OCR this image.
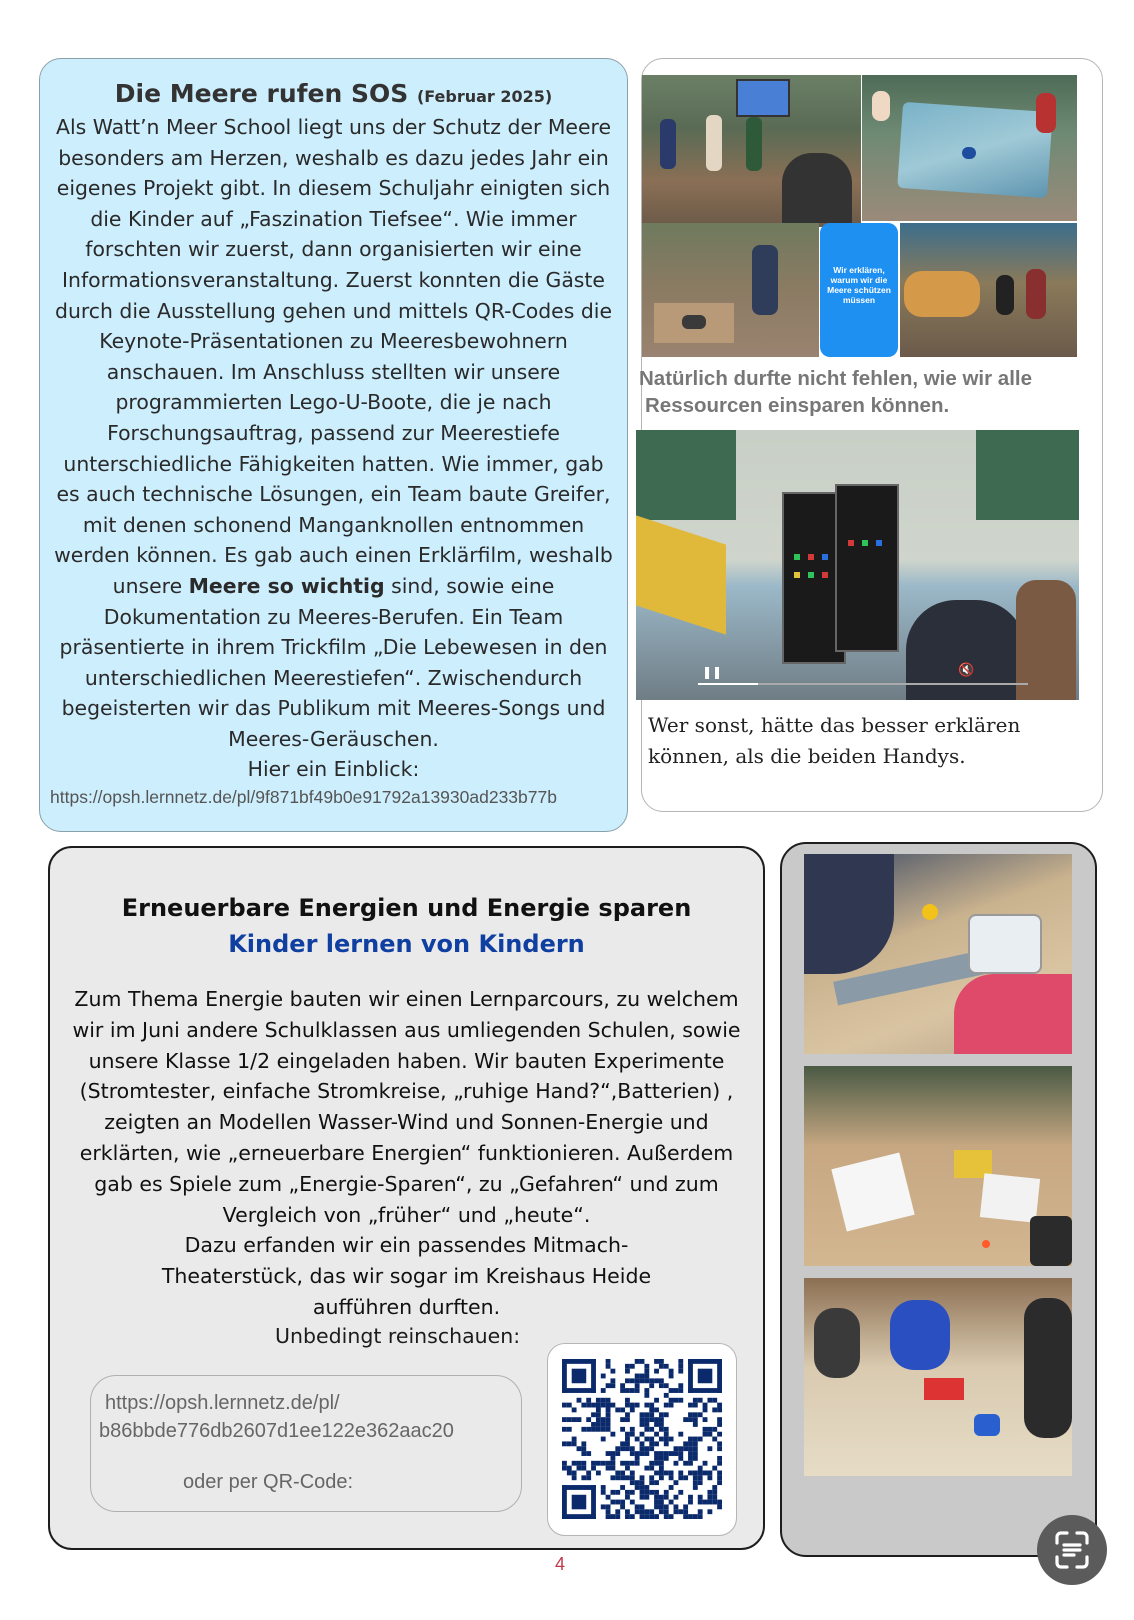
Die Meere rufen SOS (Februar 2025)
Als Watt’n Meer School liegt uns der Schutz der Meere besonders am Herzen, weshalb es dazu jedes Jahr ein eigenes Projekt gibt. In diesem Schuljahr einigten sich die Kinder auf „Faszination Tiefsee“. Wie immer forschten wir zuerst, dann organisierten wir eine Informationsveranstaltung. Zuerst konnten die Gäste durch die Ausstellung gehen und mittels QR-Codes die Keynote-Präsentationen zu Meeresbewohnern anschauen. Im Anschluss stellten wir unsere programmierten Lego-U-Boote, die je nach Forschungsauftrag, passend zur Meerestiefe unterschiedliche Fähigkeiten hatten. Wie immer, gab es auch technische Lösungen, ein Team baute Greifer, mit denen schonend Manganknollen entnommen werden können. Es gab auch einen Erklärfilm, weshalb unsere Meere so wichtig sind, sowie eine Dokumentation zu Meeres-Berufen. Ein Team präsentierte in ihrem Trickfilm „Die Lebewesen in den unterschiedlichen Meerestiefen“. Zwischendurch begeisterten wir das Publikum mit Meeres-Songs und Meeres-Geräuschen.
Hier ein Einblick:
https://opsh.lernnetz.de/pl/9f871bf49b0e91792a13930ad233b77b
Wir erklären, warum wir die Meere schützen müssen
Natürlich durfte nicht fehlen, wie wir alle
Ressourcen einsparen können.
❚❚	🔇
Wer sonst, hätte das besser erklären
können, als die beiden Handys.
Erneuerbare Energien und Energie sparen
Kinder lernen von Kindern
Zum Thema Energie bauten wir einen Lernparcours, zu welchem wir im Juni andere Schulklassen aus umliegenden Schulen, sowie unsere Klasse 1/2 eingeladen haben. Wir bauten Experimente (Stromtester, einfache Stromkreise, „ruhige Hand?“,Batterien) , zeigten an Modellen Wasser-Wind und Sonnen-Energie und erklärten, wie „erneuerbare Energien“ funktionieren. Außerdem gab es Spiele zum „Energie-Sparen“, zu „Gefahren“ und zum Vergleich von „früher“ und „heute“.
Dazu erfanden wir ein passendes Mitmach-Theaterstück, das wir sogar im Kreishaus Heide aufführen durften.
Unbedingt reinschauen:
https://opsh.lernnetz.de/pl/
b86bbde776db2607d1ee122e362aac20
oder per QR-Code:
4
